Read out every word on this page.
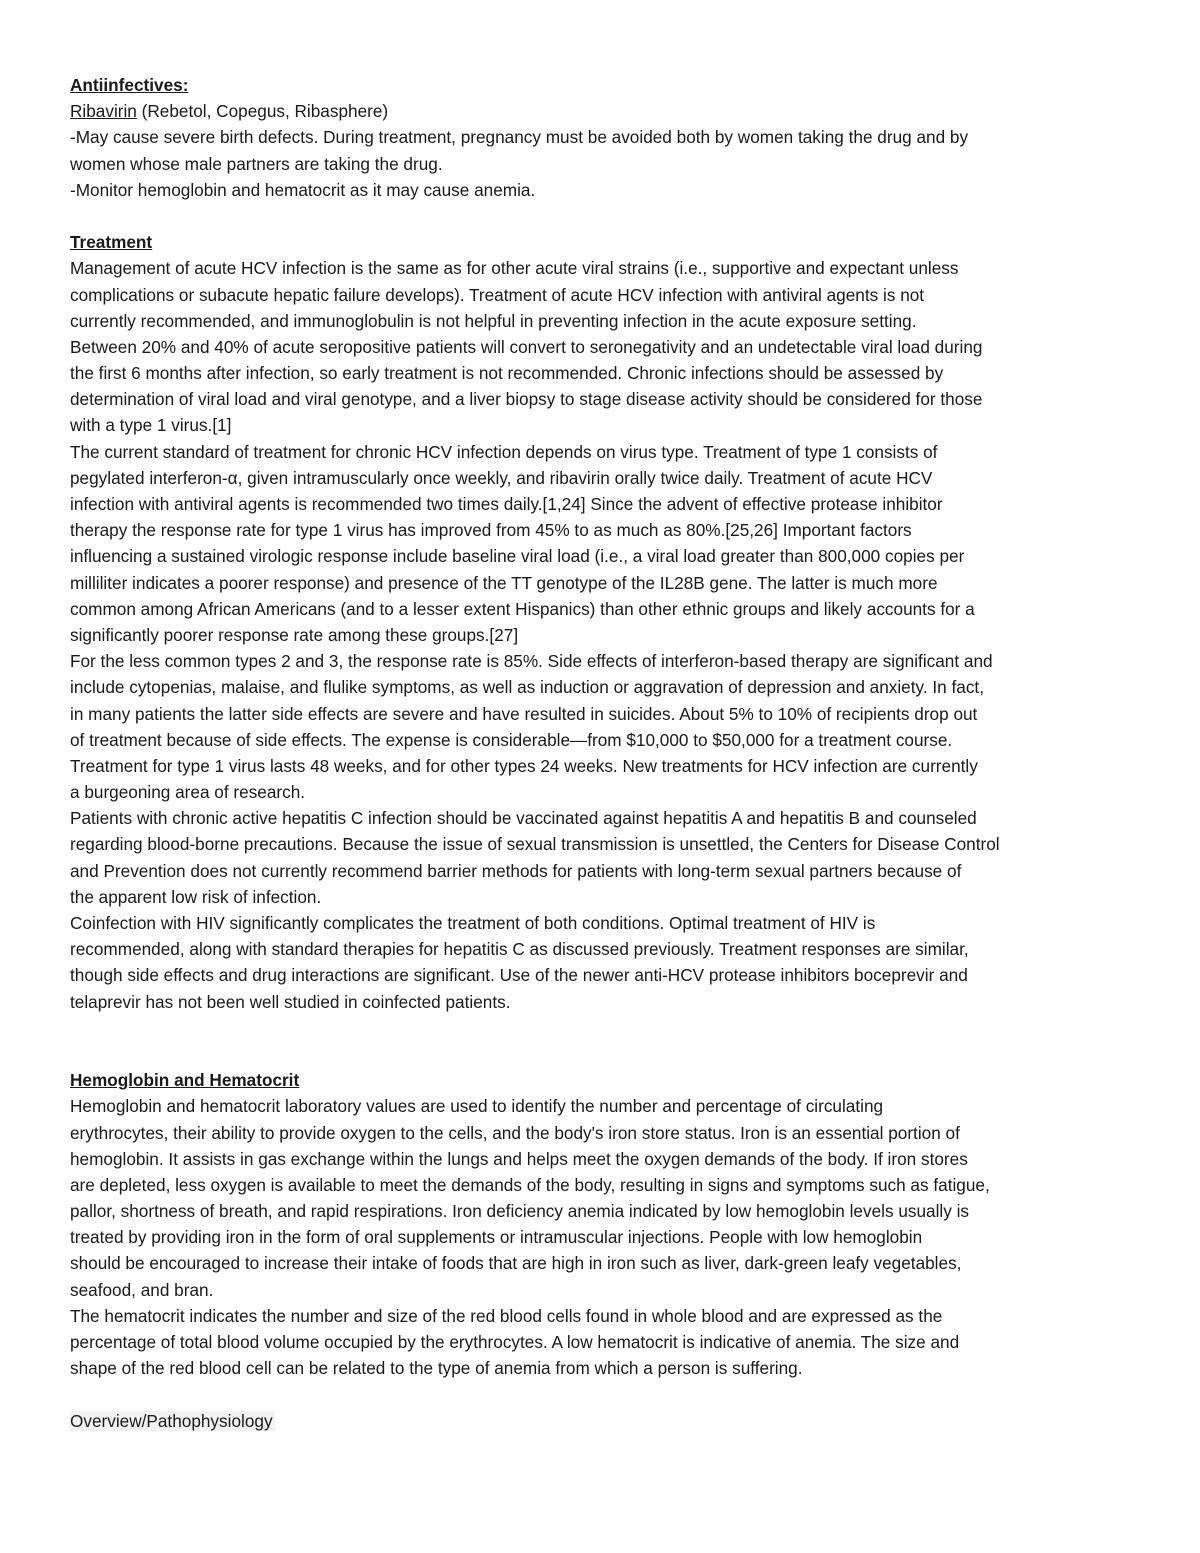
Antiinfectives:
Ribavirin (Rebetol, Copegus, Ribasphere)
-May cause severe birth defects. During treatment, pregnancy must be avoided both by women taking the drug and by
women whose male partners are taking the drug.
-Monitor hemoglobin and hematocrit as it may cause anemia.
Treatment
Management of acute HCV infection is the same as for other acute viral strains (i.e., supportive and expectant unless
complications or subacute hepatic failure develops). Treatment of acute HCV infection with antiviral agents is not
currently recommended, and immunoglobulin is not helpful in preventing infection in the acute exposure setting.
Between 20% and 40% of acute seropositive patients will convert to seronegativity and an undetectable viral load during
the first 6 months after infection, so early treatment is not recommended. Chronic infections should be assessed by
determination of viral load and viral genotype, and a liver biopsy to stage disease activity should be considered for those
with a type 1 virus.[1]
The current standard of treatment for chronic HCV infection depends on virus type. Treatment of type 1 consists of
pegylated interferon-α, given intramuscularly once weekly, and ribavirin orally twice daily. Treatment of acute HCV
infection with antiviral agents is recommended two times daily.[1,24] Since the advent of effective protease inhibitor
therapy the response rate for type 1 virus has improved from 45% to as much as 80%.[25,26] Important factors
influencing a sustained virologic response include baseline viral load (i.e., a viral load greater than 800,000 copies per
milliliter indicates a poorer response) and presence of the TT genotype of the IL28B gene. The latter is much more
common among African Americans (and to a lesser extent Hispanics) than other ethnic groups and likely accounts for a
significantly poorer response rate among these groups.[27]
For the less common types 2 and 3, the response rate is 85%. Side effects of interferon-based therapy are significant and
include cytopenias, malaise, and flulike symptoms, as well as induction or aggravation of depression and anxiety. In fact,
in many patients the latter side effects are severe and have resulted in suicides. About 5% to 10% of recipients drop out
of treatment because of side effects. The expense is considerable—from $10,000 to $50,000 for a treatment course.
Treatment for type 1 virus lasts 48 weeks, and for other types 24 weeks. New treatments for HCV infection are currently
a burgeoning area of research.
Patients with chronic active hepatitis C infection should be vaccinated against hepatitis A and hepatitis B and counseled
regarding blood-borne precautions. Because the issue of sexual transmission is unsettled, the Centers for Disease Control
and Prevention does not currently recommend barrier methods for patients with long-term sexual partners because of
the apparent low risk of infection.
Coinfection with HIV significantly complicates the treatment of both conditions. Optimal treatment of HIV is
recommended, along with standard therapies for hepatitis C as discussed previously. Treatment responses are similar,
though side effects and drug interactions are significant. Use of the newer anti-HCV protease inhibitors boceprevir and
telaprevir has not been well studied in coinfected patients.
Hemoglobin and Hematocrit
Hemoglobin and hematocrit laboratory values are used to identify the number and percentage of circulating
erythrocytes, their ability to provide oxygen to the cells, and the body's iron store status. Iron is an essential portion of
hemoglobin. It assists in gas exchange within the lungs and helps meet the oxygen demands of the body. If iron stores
are depleted, less oxygen is available to meet the demands of the body, resulting in signs and symptoms such as fatigue,
pallor, shortness of breath, and rapid respirations. Iron deficiency anemia indicated by low hemoglobin levels usually is
treated by providing iron in the form of oral supplements or intramuscular injections. People with low hemoglobin
should be encouraged to increase their intake of foods that are high in iron such as liver, dark-green leafy vegetables,
seafood, and bran.
The hematocrit indicates the number and size of the red blood cells found in whole blood and are expressed as the
percentage of total blood volume occupied by the erythrocytes. A low hematocrit is indicative of anemia. The size and
shape of the red blood cell can be related to the type of anemia from which a person is suffering.
Overview/Pathophysiology
